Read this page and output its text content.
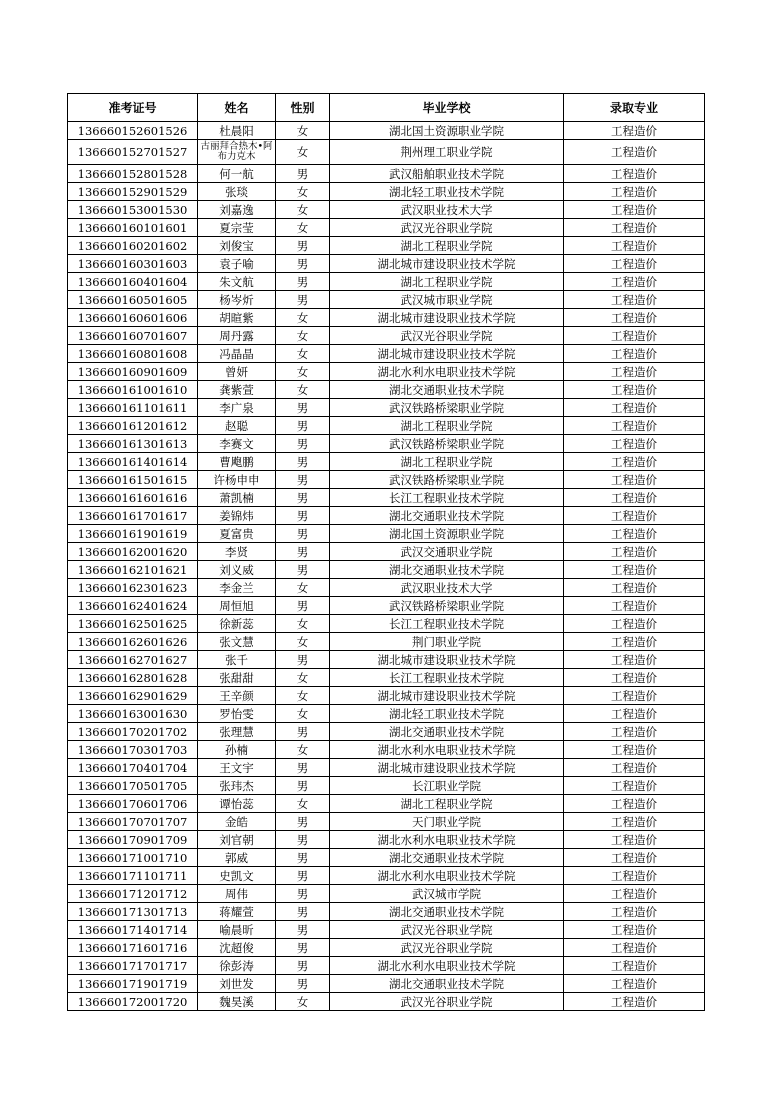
准考证号	姓名	性别	毕业学校	录取专业
136660152601526	杜晨阳	女	湖北国土资源职业学院	工程造价
136660152701527	古丽拜合热木•阿布力克木	女	荆州理工职业学院	工程造价
136660152801528	何一航	男	武汉船舶职业技术学院	工程造价
136660152901529	张琰	女	湖北轻工职业技术学院	工程造价
136660153001530	刘嘉逸	女	武汉职业技术大学	工程造价
136660160101601	夏宗莹	女	武汉光谷职业学院	工程造价
136660160201602	刘俊宝	男	湖北工程职业学院	工程造价
136660160301603	袁子喻	男	湖北城市建设职业技术学院	工程造价
136660160401604	朱文航	男	湖北工程职业学院	工程造价
136660160501605	杨岑炘	男	武汉城市职业学院	工程造价
136660160601606	胡暄紫	女	湖北城市建设职业技术学院	工程造价
136660160701607	周丹露	女	武汉光谷职业学院	工程造价
136660160801608	冯晶晶	女	湖北城市建设职业技术学院	工程造价
136660160901609	曾妍	女	湖北水利水电职业技术学院	工程造价
136660161001610	龚紫萱	女	湖北交通职业技术学院	工程造价
136660161101611	李广泉	男	武汉铁路桥梁职业学院	工程造价
136660161201612	赵聪	男	湖北工程职业学院	工程造价
136660161301613	李赛文	男	武汉铁路桥梁职业学院	工程造价
136660161401614	曹飑鹏	男	湖北工程职业学院	工程造价
136660161501615	许杨申申	男	武汉铁路桥梁职业学院	工程造价
136660161601616	萧凯楠	男	长江工程职业技术学院	工程造价
136660161701617	姜锦炜	男	湖北交通职业技术学院	工程造价
136660161901619	夏富贵	男	湖北国土资源职业学院	工程造价
136660162001620	李贤	男	武汉交通职业学院	工程造价
136660162101621	刘义威	男	湖北交通职业技术学院	工程造价
136660162301623	李金兰	女	武汉职业技术大学	工程造价
136660162401624	周恒旭	男	武汉铁路桥梁职业学院	工程造价
136660162501625	徐新蕊	女	长江工程职业技术学院	工程造价
136660162601626	张文慧	女	荆门职业学院	工程造价
136660162701627	张千	男	湖北城市建设职业技术学院	工程造价
136660162801628	张甜甜	女	长江工程职业技术学院	工程造价
136660162901629	王辛颜	女	湖北城市建设职业技术学院	工程造价
136660163001630	罗怡雯	女	湖北轻工职业技术学院	工程造价
136660170201702	张理慧	男	湖北交通职业技术学院	工程造价
136660170301703	孙楠	女	湖北水利水电职业技术学院	工程造价
136660170401704	王文宇	男	湖北城市建设职业技术学院	工程造价
136660170501705	张玮杰	男	长江职业学院	工程造价
136660170601706	谭怡蕊	女	湖北工程职业学院	工程造价
136660170701707	金皓	男	天门职业学院	工程造价
136660170901709	刘官朝	男	湖北水利水电职业技术学院	工程造价
136660171001710	郭威	男	湖北交通职业技术学院	工程造价
136660171101711	史凯文	男	湖北水利水电职业技术学院	工程造价
136660171201712	周伟	男	武汉城市学院	工程造价
136660171301713	蒋耀萱	男	湖北交通职业技术学院	工程造价
136660171401714	喻晨昕	男	武汉光谷职业学院	工程造价
136660171601716	沈超俊	男	武汉光谷职业学院	工程造价
136660171701717	徐彭涛	男	湖北水利水电职业技术学院	工程造价
136660171901719	刘世发	男	湖北交通职业技术学院	工程造价
136660172001720	魏昊溪	女	武汉光谷职业学院	工程造价
